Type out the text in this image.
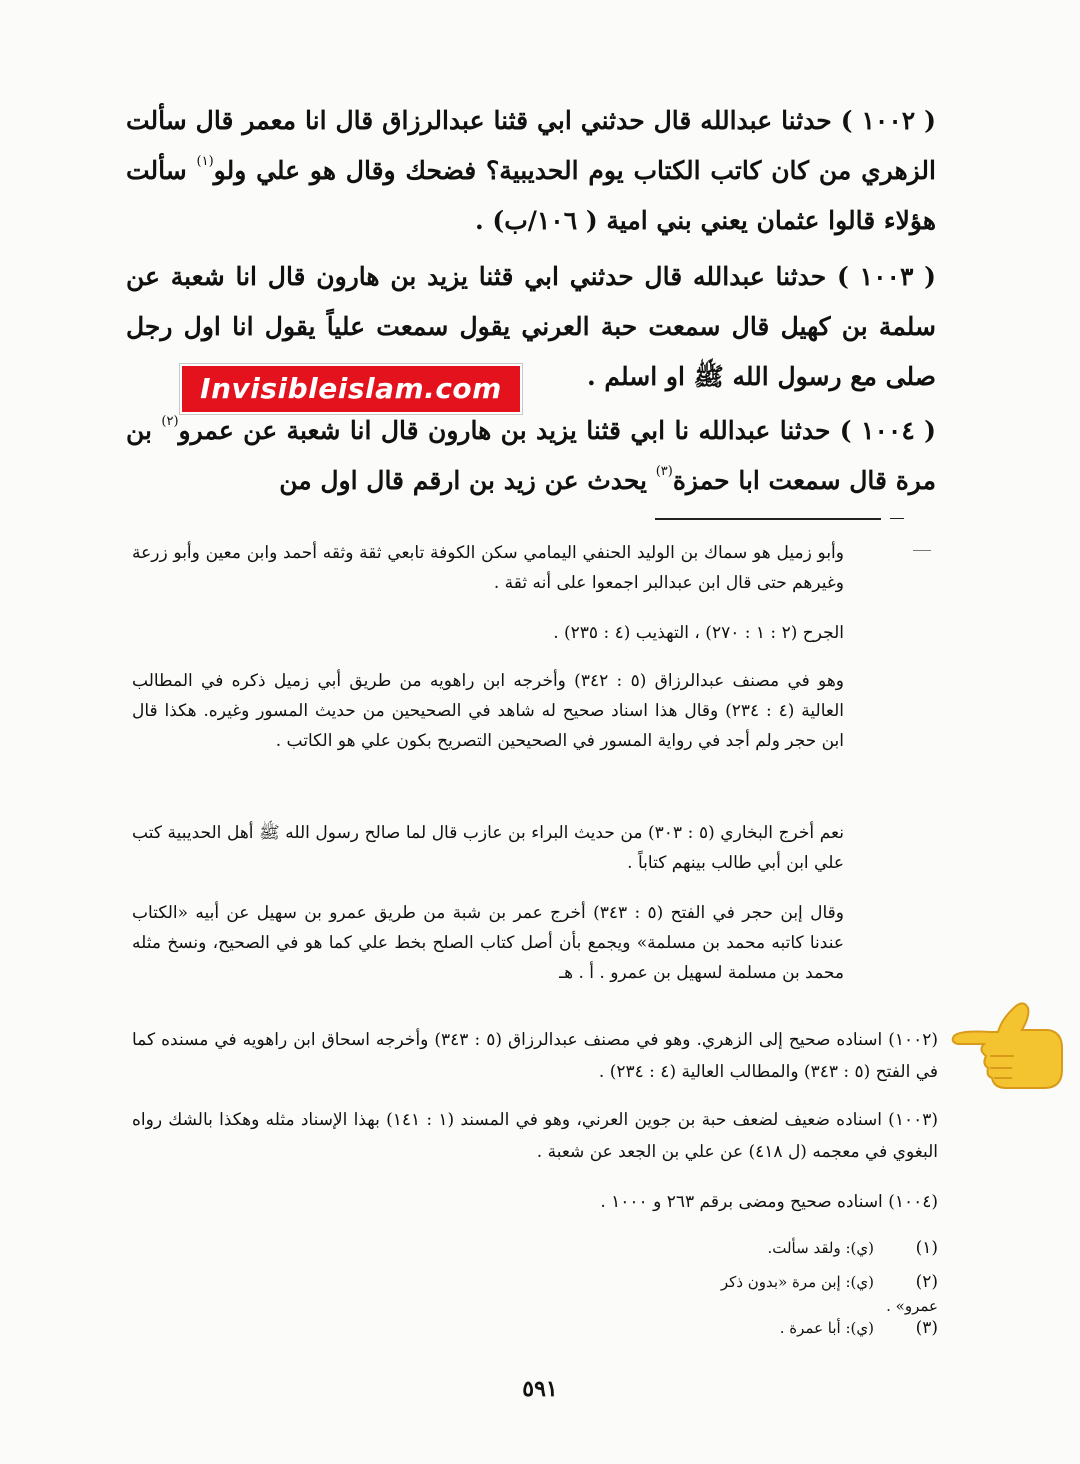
( ١٠٠٢ ) حدثنا عبدالله قال حدثني ابي قثنا عبدالرزاق قال انا معمر قال سألت الزهري من كان كاتب الكتاب يوم الحديبية؟ فضحك وقال هو علي ولو$^{(١)}$ سألت هؤلاء قالوا عثمان يعني بني امية ( ١٠٦/ب) .
( ١٠٠٣ ) حدثنا عبدالله قال حدثني ابي قثنا يزيد بن هارون قال انا شعبة عن سلمة بن كهيل قال سمعت حبة العرني يقول سمعت علياً يقول انا اول رجل صلى مع رسول الله ﷺ او اسلم .
( ١٠٠٤ ) حدثنا عبدالله نا ابي قثنا يزيد بن هارون قال انا شعبة عن عمرو$^{(٢)}$ بن مرة قال سمعت ابا حمزة$^{(٣)}$ يحدث عن زيد بن ارقم قال اول من
Invisibleislam.com
وأبو زميل هو سماك بن الوليد الحنفي اليمامي سكن الكوفة تابعي ثقة وثقه أحمد وابن معين وأبو زرعة وغيرهم حتى قال ابن عبدالبر اجمعوا على أنه ثقة .
الجرح (٢ : ١ : ٢٧٠) ، التهذيب (٤ : ٢٣٥) .
وهو في مصنف عبدالرزاق (٥ : ٣٤٢) وأخرجه ابن راهويه من طريق أبي زميل ذكره في المطالب العالية (٤ : ٢٣٤) وقال هذا اسناد صحيح له شاهد في الصحيحين من حديث المسور وغيره. هكذا قال ابن حجر ولم أجد في رواية المسور في الصحيحين التصريح بكون علي هو الكاتب .
نعم أخرج البخاري (٥ : ٣٠٣) من حديث البراء بن عازب قال لما صالح رسول الله ﷺ أهل الحديبية كتب علي ابن أبي طالب بينهم كتاباً .
وقال إبن حجر في الفتح (٥ : ٣٤٣) أخرج عمر بن شبة من طريق عمرو بن سهيل عن أبيه «الكتاب عندنا كاتبه محمد بن مسلمة» ويجمع بأن أصل كتاب الصلح بخط علي كما هو في الصحيح، ونسخ مثله محمد بن مسلمة لسهيل بن عمرو . أ . هـ
(١٠٠٢) اسناده صحيح إلى الزهري. وهو في مصنف عبدالرزاق (٥ : ٣٤٣) وأخرجه اسحاق ابن راهويه في مسنده كما في الفتح (٥ : ٣٤٣) والمطالب العالية (٤ : ٢٣٤) .
(١٠٠٣) اسناده ضعيف لضعف حبة بن جوين العرني، وهو في المسند (١ : ١٤١) بهذا الإسناد مثله وهكذا بالشك رواه البغوي في معجمه (ل ٤١٨) عن علي بن الجعد عن شعبة .
(١٠٠٤) اسناده صحيح ومضى برقم ٢٦٣ و ١٠٠٠ .
(١)(ي): ولقد سألت.
(٢)(ي): إبن مرة «بدون ذكر عمرو» .
(٣)(ي): أبا عمرة .
٥٩١
